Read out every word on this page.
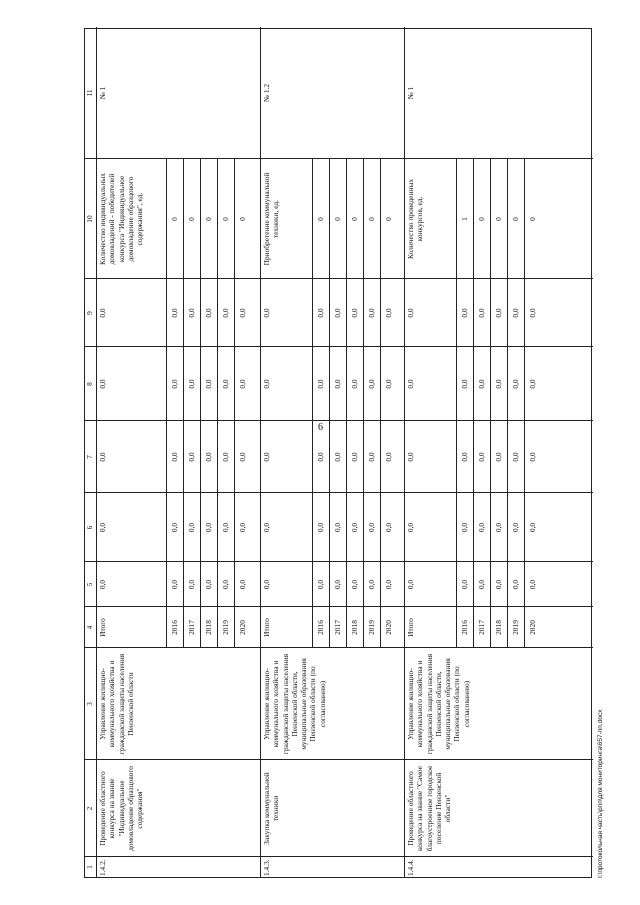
6
1
2
3
4
5
6
7
8
9
10
11
1.4.2.
Проведение областного конкурса на звание "Индивидуальное домовладение образцового содержания"
Управление жилищно-коммунального хозяйства и гражданской защиты населения Пензенской области
Итого
0,0
0,0
0,0
0,0
0,0
Количество индивидуальных домовладений - победителей конкурса "Индивидуальное домовладение образцового содержания", ед.
№ 1
2016
0,0
0,0
0,0
0,0
0,0
0
2017
0,0
0,0
0,0
0,0
0,0
0
2018
0,0
0,0
0,0
0,0
0,0
0
2019
0,0
0,0
0,0
0,0
0,0
0
2020
0,0
0,0
0,0
0,0
0,0
0
1.4.3.
Закупка коммунальной техники
Управление жилищно-коммунального хозяйства и гражданской защиты населения Пензенской области, муниципальные образования Пензенской области (по согласованию)
Итого
0,0
0,0
0,0
0,0
0,0
Приобретение коммунальной техники, ед.
№ 1.2
2016
0,0
0,0
0,0
0,0
0,0
0
2017
0,0
0,0
0,0
0,0
0,0
0
2018
0,0
0,0
0,0
0,0
0,0
0
2019
0,0
0,0
0,0
0,0
0,0
0
2020
0,0
0,0
0,0
0,0
0,0
0
1.4.4.
Проведение областного конкурса на звание "Самое благоустроенное городское поселение Пензенской области"
Управление жилищно-коммунального хозяйства и гражданской защиты населения Пензенской области, муниципальные образования Пензенской области (по согласованию)
Итого
0,0
0,0
0,0
0,0
0,0
Количество проведенных конкурсов, ед.
№ 1
2016
0,0
0,0
0,0
0,0
0,0
1
2017
0,0
0,0
0,0
0,0
0,0
0
2018
0,0
0,0
0,0
0,0
0,0
0
2019
0,0
0,0
0,0
0,0
0,0
0
2020
0,0
0,0
0,0
0,0
0,0
0
I:\протокольная часть\рпп\для мониторинга\657-пп.docx
